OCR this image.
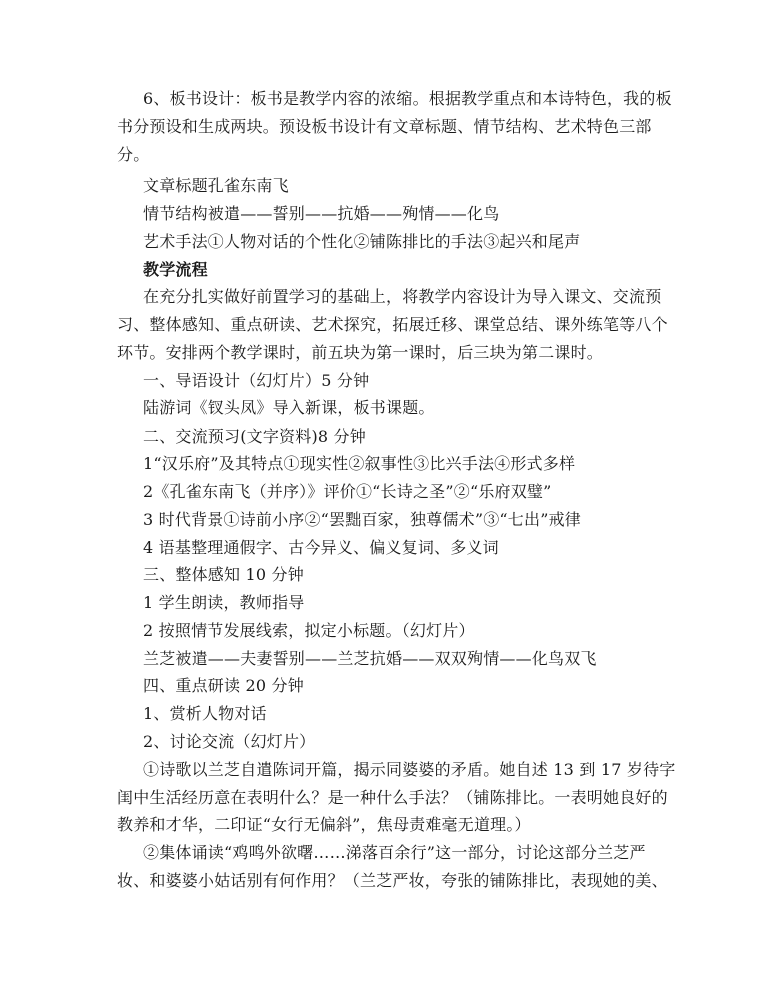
6、板书设计：板书是教学内容的浓缩。根据教学重点和本诗特色，我的板
书分预设和生成两块。预设板书设计有文章标题、情节结构、艺术特色三部
分。
文章标题孔雀东南飞
情节结构被遣——誓别——抗婚——殉情——化鸟
艺术手法①人物对话的个性化②铺陈排比的手法③起兴和尾声
教学流程
在充分扎实做好前置学习的基础上，将教学内容设计为导入课文、交流预
习、整体感知、重点研读、艺术探究，拓展迁移、课堂总结、课外练笔等八个
环节。安排两个教学课时，前五块为第一课时，后三块为第二课时。
一、导语设计（幻灯片）5 分钟
陆游词《钗头凤》导入新课，板书课题。
二、交流预习(文字资料)8 分钟
1“汉乐府”及其特点①现实性②叙事性③比兴手法④形式多样
2《孔雀东南飞（并序）》评价①“长诗之圣”②“乐府双璧”
3 时代背景①诗前小序②“罢黜百家，独尊儒术”③“七出”戒律
4 语基整理通假字、古今异义、偏义复词、多义词
三、整体感知 10 分钟
1 学生朗读，教师指导
2 按照情节发展线索，拟定小标题。（幻灯片）
兰芝被遣——夫妻誓别——兰芝抗婚——双双殉情——化鸟双飞
四、重点研读 20 分钟
1、赏析人物对话
2、讨论交流（幻灯片）
①诗歌以兰芝自遣陈词开篇，揭示同婆婆的矛盾。她自述 13 到 17 岁待字
闺中生活经历意在表明什么？是一种什么手法？（铺陈排比。一表明她良好的
教养和才华，二印证“女行无偏斜”，焦母责难毫无道理。）
②集体诵读“鸡鸣外欲曙……涕落百余行”这一部分，讨论这部分兰芝严
妆、和婆婆小姑话别有何作用？（兰芝严妆，夸张的铺陈排比，表现她的美、
